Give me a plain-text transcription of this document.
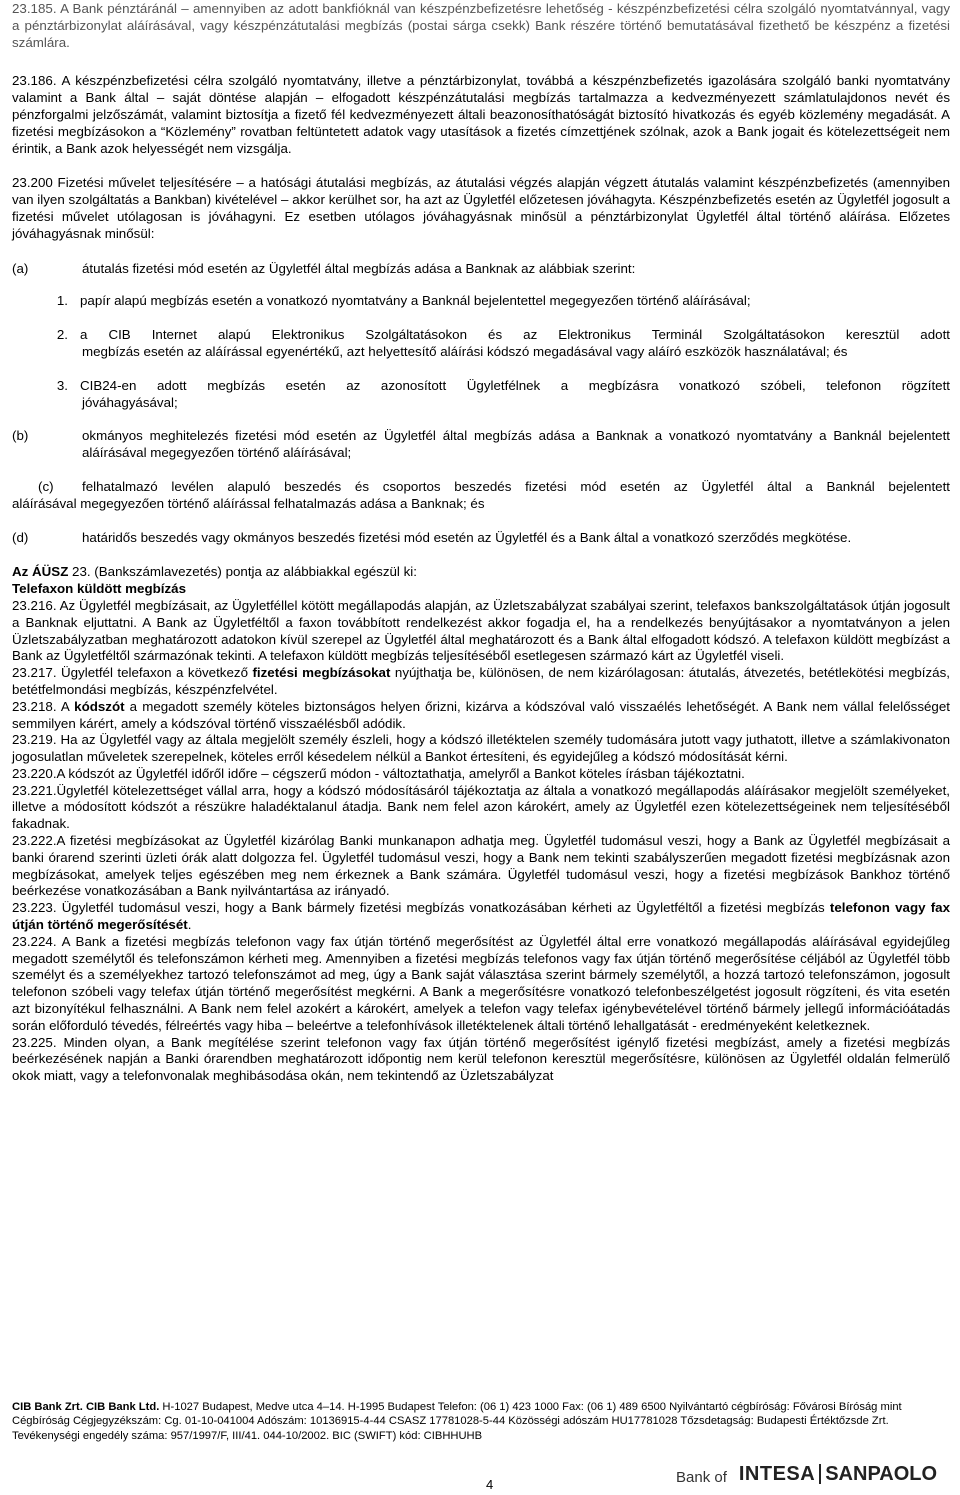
23.185. A Bank pénztáránál – amennyiben az adott bankfióknál van készpénzbefizetésre lehetőség - készpénzbefizetési célra szolgáló nyomtatvánnyal, vagy a pénztárbizonylat aláírásával, vagy készpénzátutalási megbízás (postai sárga csekk) Bank részére történő bemutatásával fizethető be készpénz a fizetési számlára.

23.186. A készpénzbefizetési célra szolgáló nyomtatvány, illetve a pénztárbizonylat, továbbá a készpénzbefizetés igazolására szolgáló banki nyomtatvány valamint a Bank által – saját döntése alapján – elfogadott készpénzátutalási megbízás tartalmazza a kedvezményezett számlatulajdonos nevét és pénzforgalmi jelzőszámát, valamint biztosítja a fizető fél kedvezményezett általi beazonosíthatóságát biztosító hivatkozás és egyéb közlemény megadását. A fizetési megbízásokon a “Közlemény” rovatban feltüntetett adatok vagy utasítások a fizetés címzettjének szólnak, azok a Bank jogait és kötelezettségeit nem érintik, a Bank azok helyességét nem vizsgálja.

23.200 Fizetési művelet teljesítésére – a hatósági átutalási megbízás, az átutalási végzés alapján végzett átutalás valamint készpénzbefizetés (amennyiben van ilyen szolgáltatás a Bankban) kivételével – akkor kerülhet sor, ha azt az Ügyletfél előzetesen jóváhagyta. Készpénzbefizetés esetén az Ügyletfél jogosult a fizetési művelet utólagosan is jóváhagyni. Ez esetben utólagos jóváhagyásnak minősül a pénztárbizonylat Ügyletfél által történő aláírása. Előzetes jóváhagyásnak minősül:

(a)	átutalás fizetési mód esetén az Ügyletfél által megbízás adása a Banknak az alábbiak szerint:
1. papír alapú megbízás esetén a vonatkozó nyomtatvány a Banknál bejelentettel megegyezően történő aláírásával;
2. a CIB Internet alapú Elektronikus Szolgáltatásokon és az Elektronikus Terminál Szolgáltatásokon keresztül adott

megbízás esetén az aláírással egyenértékű, azt helyettesítő aláírási kódszó megadásával vagy aláíró eszközök használatával; és

3. CIB24-en adott megbízás esetén az azonosított Ügyletfélnek a megbízásra vonatkozó szóbeli, telefonon rögzített

jóváhagyásával;

(b)	okmányos meghitelezés fizetési mód esetén az Ügyletfél által megbízás adása a Banknak a vonatkozó nyomtatvány a Banknál bejelentett aláírásával megegyezően történő aláírásával;

(c)	felhatalmazó levélen alapuló beszedés és csoportos beszedés fizetési mód esetén az Ügyletfél által a Banknál bejelentett

aláírásával megegyezően történő aláírással felhatalmazás adása a Banknak; és

(d)	határidős beszedés vagy okmányos beszedés fizetési mód esetén az Ügyletfél és a Bank által a vonatkozó szerződés megkötése.

Az ÁÜSZ 23. (Bankszámlavezetés) pontja az alábbiakkal egészül ki:

Telefaxon küldött megbízás

23.216. Az Ügyletfél megbízásait, az Ügyletféllel kötött megállapodás alapján, az Üzletszabályzat szabályai szerint, telefaxos bankszolgáltatások útján jogosult a Banknak eljuttatni. A Bank az Ügyletféltől a faxon továbbított rendelkezést akkor fogadja el, ha a rendelkezés benyújtásakor a nyomtatványon a jelen Üzletszabályzatban meghatározott adatokon kívül szerepel az Ügyletfél által meghatározott és a Bank által elfogadott kódszó. A telefaxon küldött megbízást a Bank az Ügyletféltől származónak tekinti. A telefaxon küldött megbízás teljesítéséből esetlegesen származó kárt az Ügyletfél viseli.

23.217. Ügyletfél telefaxon a következő fizetési megbízásokat nyújthatja be, különösen, de nem kizárólagosan: átutalás, átvezetés, betétlekötési megbízás, betétfelmondási megbízás, készpénzfelvétel.

23.218. A kódszót a megadott személy köteles biztonságos helyen őrizni, kizárva a kódszóval való visszaélés lehetőségét. A Bank nem vállal felelősséget semmilyen kárért, amely a kódszóval történő visszaélésből adódik.

23.219. Ha az Ügyletfél vagy az általa megjelölt személy észleli, hogy a kódszó illetéktelen személy tudomására jutott vagy juthatott, illetve a számlakivonaton jogosulatlan műveletek szerepelnek, köteles erről késedelem nélkül a Bankot értesíteni, és egyidejűleg a kódszó módosítását kérni.

23.220.A kódszót az Ügyletfél időről időre – cégszerű módon - változtathatja, amelyről a Bankot köteles írásban tájékoztatni.

23.221.Ügyletfél kötelezettséget vállal arra, hogy a kódszó módosításáról tájékoztatja az általa a vonatkozó megállapodás aláírásakor megjelölt személyeket, illetve a módosított kódszót a részükre haladéktalanul átadja. Bank nem felel azon károkért, amely az Ügyletfél ezen kötelezettségeinek nem teljesítéséből fakadnak.

23.222.A fizetési megbízásokat az Ügyletfél kizárólag Banki munkanapon adhatja meg. Ügyletfél tudomásul veszi, hogy a Bank az Ügyletfél megbízásait a banki órarend szerinti üzleti órák alatt dolgozza fel. Ügyletfél tudomásul veszi, hogy a Bank nem tekinti szabályszerűen megadott fizetési megbízásnak azon megbízásokat, amelyek teljes egészében meg nem érkeznek a Bank számára. Ügyletfél tudomásul veszi, hogy a fizetési megbízások Bankhoz történő beérkezése vonatkozásában a Bank nyilvántartása az irányadó.

23.223. Ügyletfél tudomásul veszi, hogy a Bank bármely fizetési megbízás vonatkozásában kérheti az Ügyletféltől a fizetési megbízás telefonon vagy fax útján történő megerősítését.

23.224. A Bank a fizetési megbízás telefonon vagy fax útján történő megerősítést az Ügyletfél által erre vonatkozó megállapodás aláírásával egyidejűleg megadott személytől és telefonszámon kérheti meg. Amennyiben a fizetési megbízás telefonos vagy fax útján történő megerősítése céljából az Ügyletfél több személyt és a személyekhez tartozó telefonszámot ad meg, úgy a Bank saját választása szerint bármely személytől, a hozzá tartozó telefonszámon, jogosult telefonon szóbeli vagy telefax útján történő megerősítést megkérni. A Bank a megerősítésre vonatkozó telefonbeszélgetést jogosult rögzíteni, és vita esetén azt bizonyítékul felhasználni. A Bank nem felel azokért a károkért, amelyek a telefon vagy telefax igénybevételével történő bármely jellegű információátadás során előforduló tévedés, félreértés vagy hiba – beleértve a telefonhívások illetéktelenek általi történő lehallgatását - eredményeként keletkeznek.

23.225. Minden olyan, a Bank megítélése szerint telefonon vagy fax útján történő megerősítést igénylő fizetési megbízást, amely a fizetési megbízás beérkezésének napján a Banki órarendben meghatározott időpontig nem kerül telefonon keresztül megerősítésre, különösen az Ügyletfél oldalán felmerülő okok miatt, vagy a telefonvonalak meghibásodása okán, nem tekintendő az Üzletszabályzat

CIB Bank Zrt. CIB Bank Ltd. H-1027 Budapest, Medve utca 4–14. H-1995 Budapest Telefon: (06 1) 423 1000 Fax: (06 1) 489 6500 Nyilvántartó cégbíróság: Fővárosi Bíróság mint Cégbíróság Cégjegyzékszám: Cg. 01-10-041004 Adószám: 10136915-4-44 CSASZ 17781028-5-44 Közösségi adószám HU17781028 Tőzsdetagság: Budapesti Értéktőzsde Zrt. Tevékenységi engedély száma: 957/1997/F, III/41. 044-10/2002. BIC (SWIFT) kód: CIBHHUHB
4	Bank of INTESA SANPAOLO
